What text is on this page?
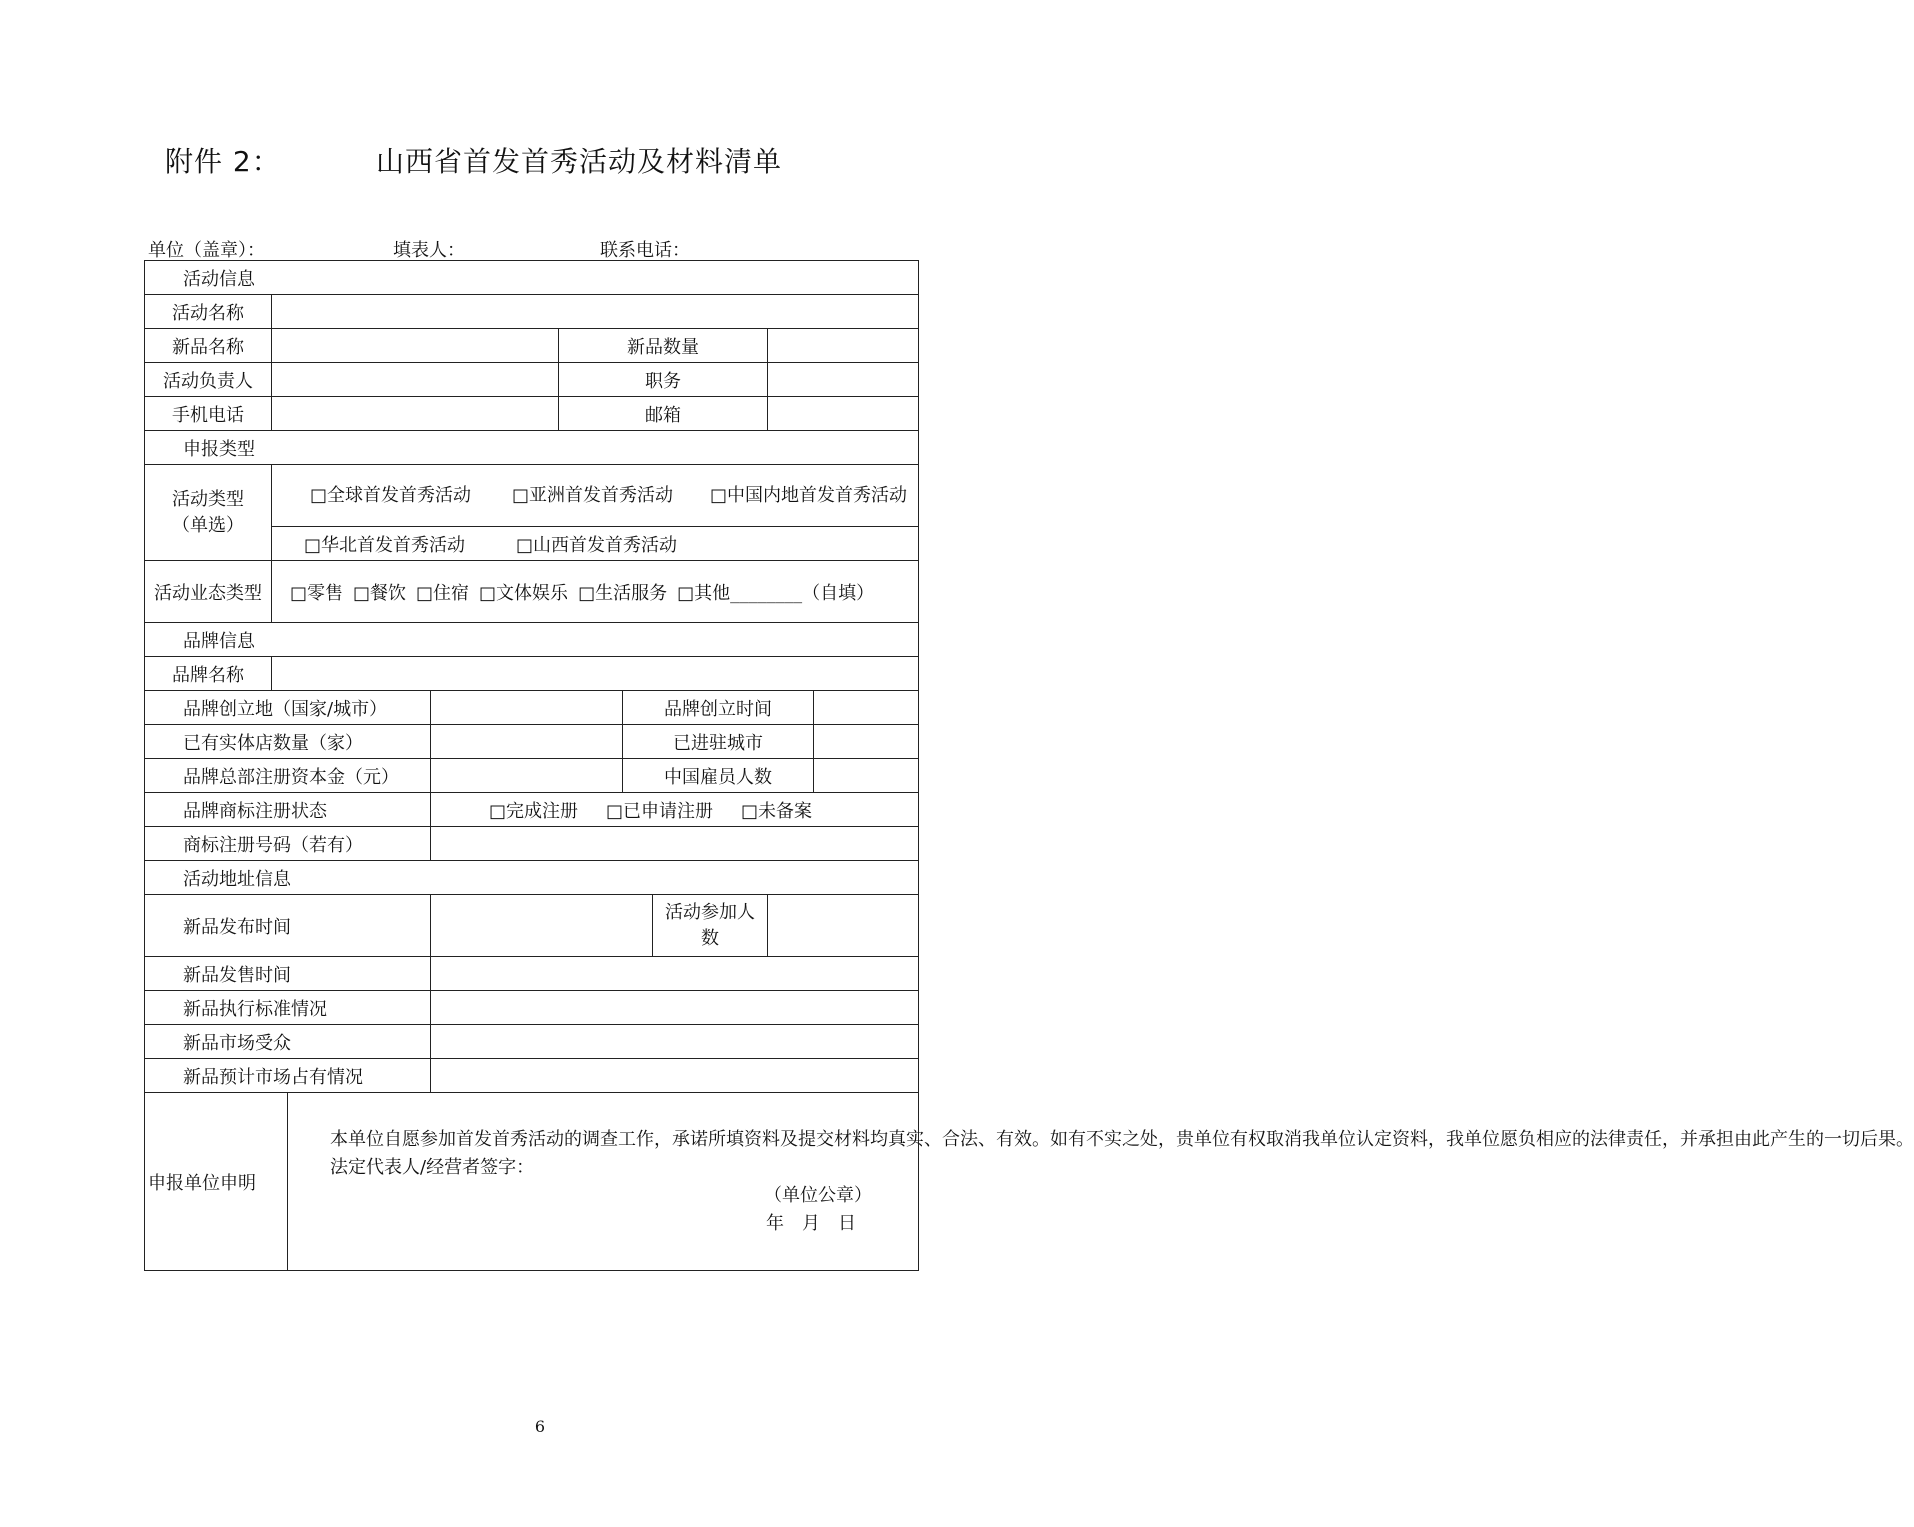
附件 2：	山西省首发首秀活动及材料清单
单位（盖章）：	填表人：	联系电话：
活动信息								
活动名称								
新品名称				新品数量				
活动负责人				职务				
手机电话				邮箱				
申报类型								
活动类型
（单选）	□全球首发首秀活动 □亚洲首发首秀活动 □中国内地首发首秀活动							
	□华北首发首秀活动 □山西首发首秀活动							
活动业态类型	□零售 □餐饮 □住宿 □文体娱乐 □生活服务 □其他________（自填）							
品牌信息								
品牌名称								
品牌创立地（国家/城市）					品牌创立时间			
已有实体店数量（家）					已进驻城市			
品牌总部注册资本金（元）					中国雇员人数			
品牌商标注册状态			□完成注册 □已申请注册 □未备案					
商标注册号码（若有）								
活动地址信息								
新品发布时间						活动参加人数		
新品发售时间								
新品执行标准情况								
新品市场受众								
新品预计市场占有情况								
申报单位申明		本单位自愿参加首发首秀活动的调查工作，承诺所填资料及提交材料均真实、合法、有效。如有不实之处，贵单位有权取消我单位认定资料，我单位愿负相应的法律责任，并承担由此产生的一切后果。
法定代表人/经营者签字：
（单位公章）
年　月　日						
6
